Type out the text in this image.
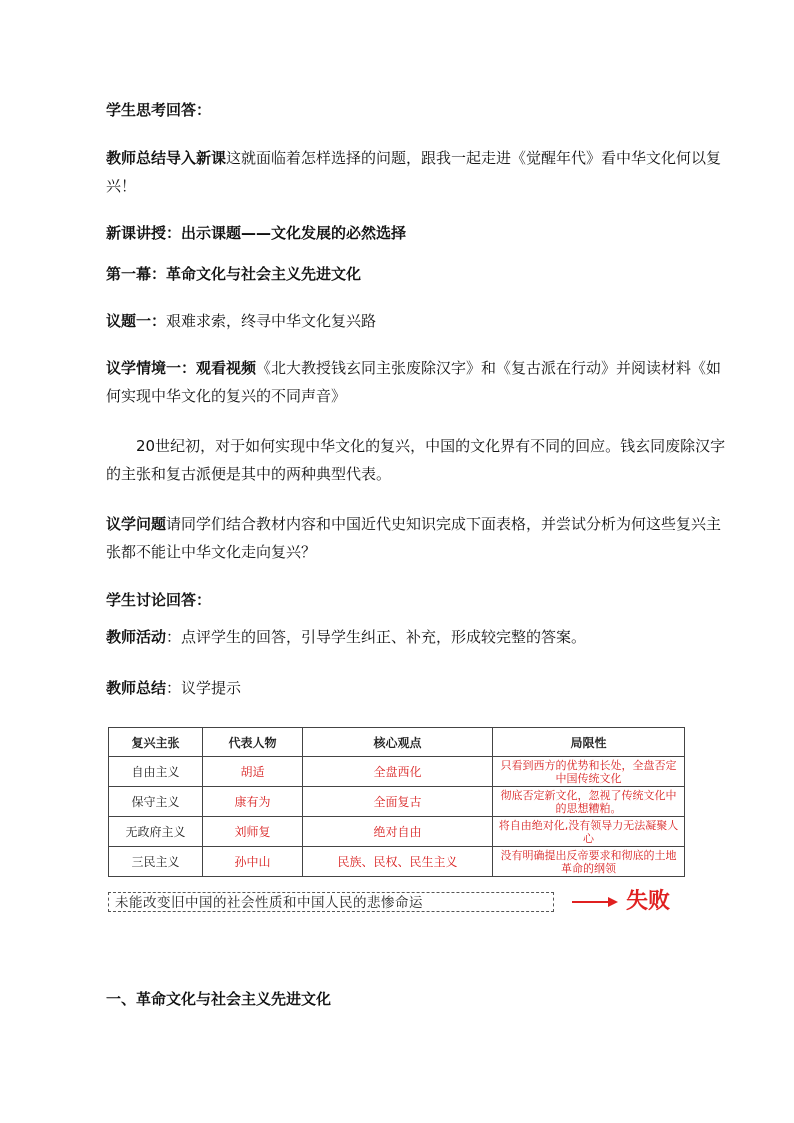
学生思考回答：

教师总结导入新课这就面临着怎样选择的问题，跟我一起走进《觉醒年代》看中华文化何以复兴！

新课讲授：出示课题——文化发展的必然选择

第一幕：革命文化与社会主义先进文化

议题一：艰难求索，终寻中华文化复兴路

议学情境一：观看视频《北大教授钱玄同主张废除汉字》和《复古派在行动》并阅读材料《如何实现中华文化的复兴的不同声音》

20世纪初，对于如何实现中华文化的复兴，中国的文化界有不同的回应。钱玄同废除汉字的主张和复古派便是其中的两种典型代表。

议学问题请同学们结合教材内容和中国近代史知识完成下面表格，并尝试分析为何这些复兴主张都不能让中华文化走向复兴？

学生讨论回答：

教师活动：点评学生的回答，引导学生纠正、补充，形成较完整的答案。

教师总结：议学提示

复兴主张	代表人物	核心观点	局限性
自由主义	胡适	全盘西化	只看到西方的优势和长处，全盘否定中国传统文化
保守主义	康有为	全面复古	彻底否定新文化，忽视了传统文化中的思想糟粕。
无政府主义	刘师复	绝对自由	将自由绝对化,没有领导力无法凝聚人心
三民主义	孙中山	民族、民权、民生主义	没有明确提出反帝要求和彻底的土地革命的纲领
未能改变旧中国的社会性质和中国人民的悲惨命运	失败

一、革命文化与社会主义先进文化
